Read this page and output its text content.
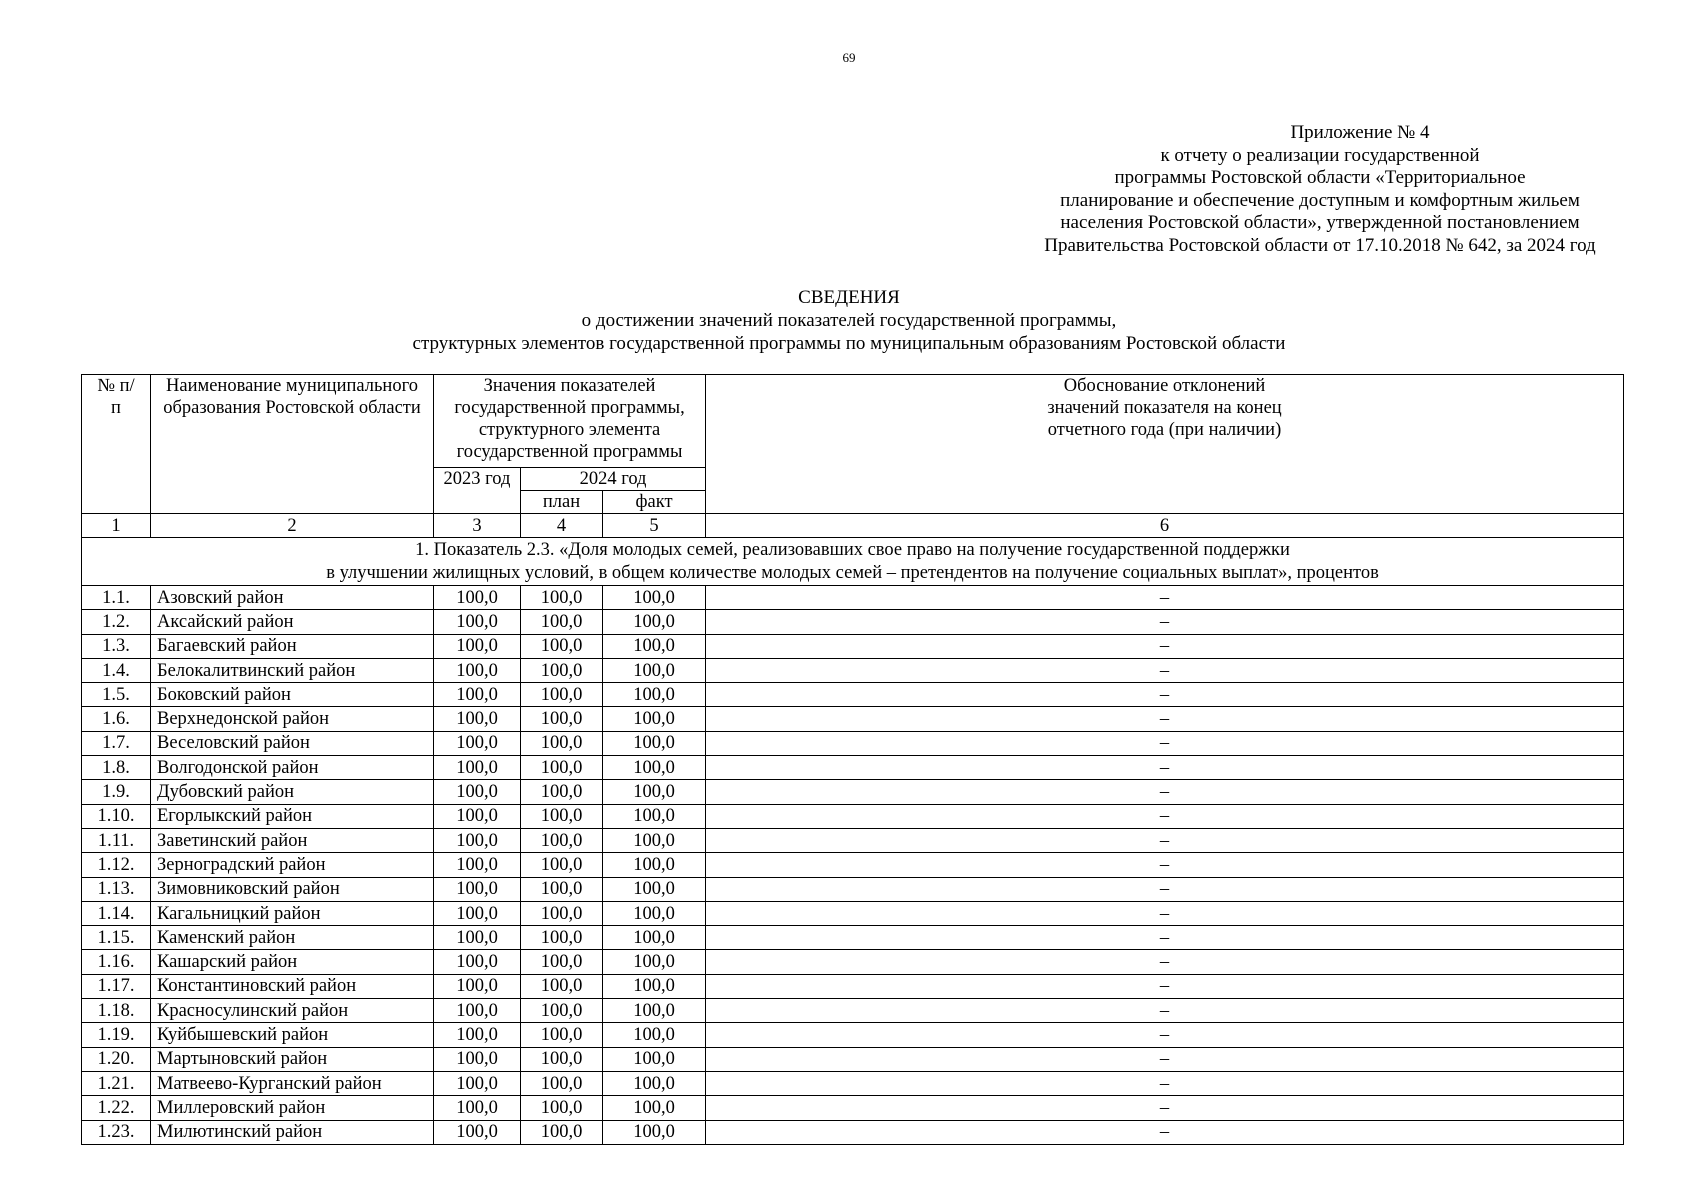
69
Приложение № 4
к отчету о реализации государственной
программы Ростовской области «Территориальное
планирование и обеспечение доступным и комфортным жильем
населения Ростовской области», утвержденной постановлением
Правительства Ростовской области от 17.10.2018 № 642, за 2024 год
СВЕДЕНИЯ
о достижении значений показателей государственной программы,
структурных элементов государственной программы по муниципальным образованиям Ростовской области
№ п/п	Наименование муниципального образования Ростовской области	Значения показателей государственной программы, структурного элемента государственной программы			Обоснование отклонений значений показателя на конец отчетного года (при наличии)
		2023 год	2024 год		
			план	факт	
1	2	3	4	5	6

1. Показатель 2.3. «Доля молодых семей, реализовавших свое право на получение государственной поддержки
в улучшении жилищных условий, в общем количестве молодых семей – претендентов на получение социальных выплат», процентов					

1.1.	Азовский район	100,0	100,0	100,0	–
1.2.	Аксайский район	100,0	100,0	100,0	–
1.3.	Багаевский район	100,0	100,0	100,0	–
1.4.	Белокалитвинский район	100,0	100,0	100,0	–
1.5.	Боковский район	100,0	100,0	100,0	–
1.6.	Верхнедонской район	100,0	100,0	100,0	–
1.7.	Веселовский район	100,0	100,0	100,0	–
1.8.	Волгодонской район	100,0	100,0	100,0	–
1.9.	Дубовский район	100,0	100,0	100,0	–
1.10.	Егорлыкский район	100,0	100,0	100,0	–
1.11.	Заветинский район	100,0	100,0	100,0	–
1.12.	Зерноградский район	100,0	100,0	100,0	–
1.13.	Зимовниковский район	100,0	100,0	100,0	–
1.14.	Кагальницкий район	100,0	100,0	100,0	–
1.15.	Каменский район	100,0	100,0	100,0	–
1.16.	Кашарский район	100,0	100,0	100,0	–
1.17.	Константиновский район	100,0	100,0	100,0	–
1.18.	Красносулинский район	100,0	100,0	100,0	–
1.19.	Куйбышевский район	100,0	100,0	100,0	–
1.20.	Мартыновский район	100,0	100,0	100,0	–
1.21.	Матвеево-Курганский район	100,0	100,0	100,0	–
1.22.	Миллеровский район	100,0	100,0	100,0	–
1.23.	Милютинский район	100,0	100,0	100,0	–
